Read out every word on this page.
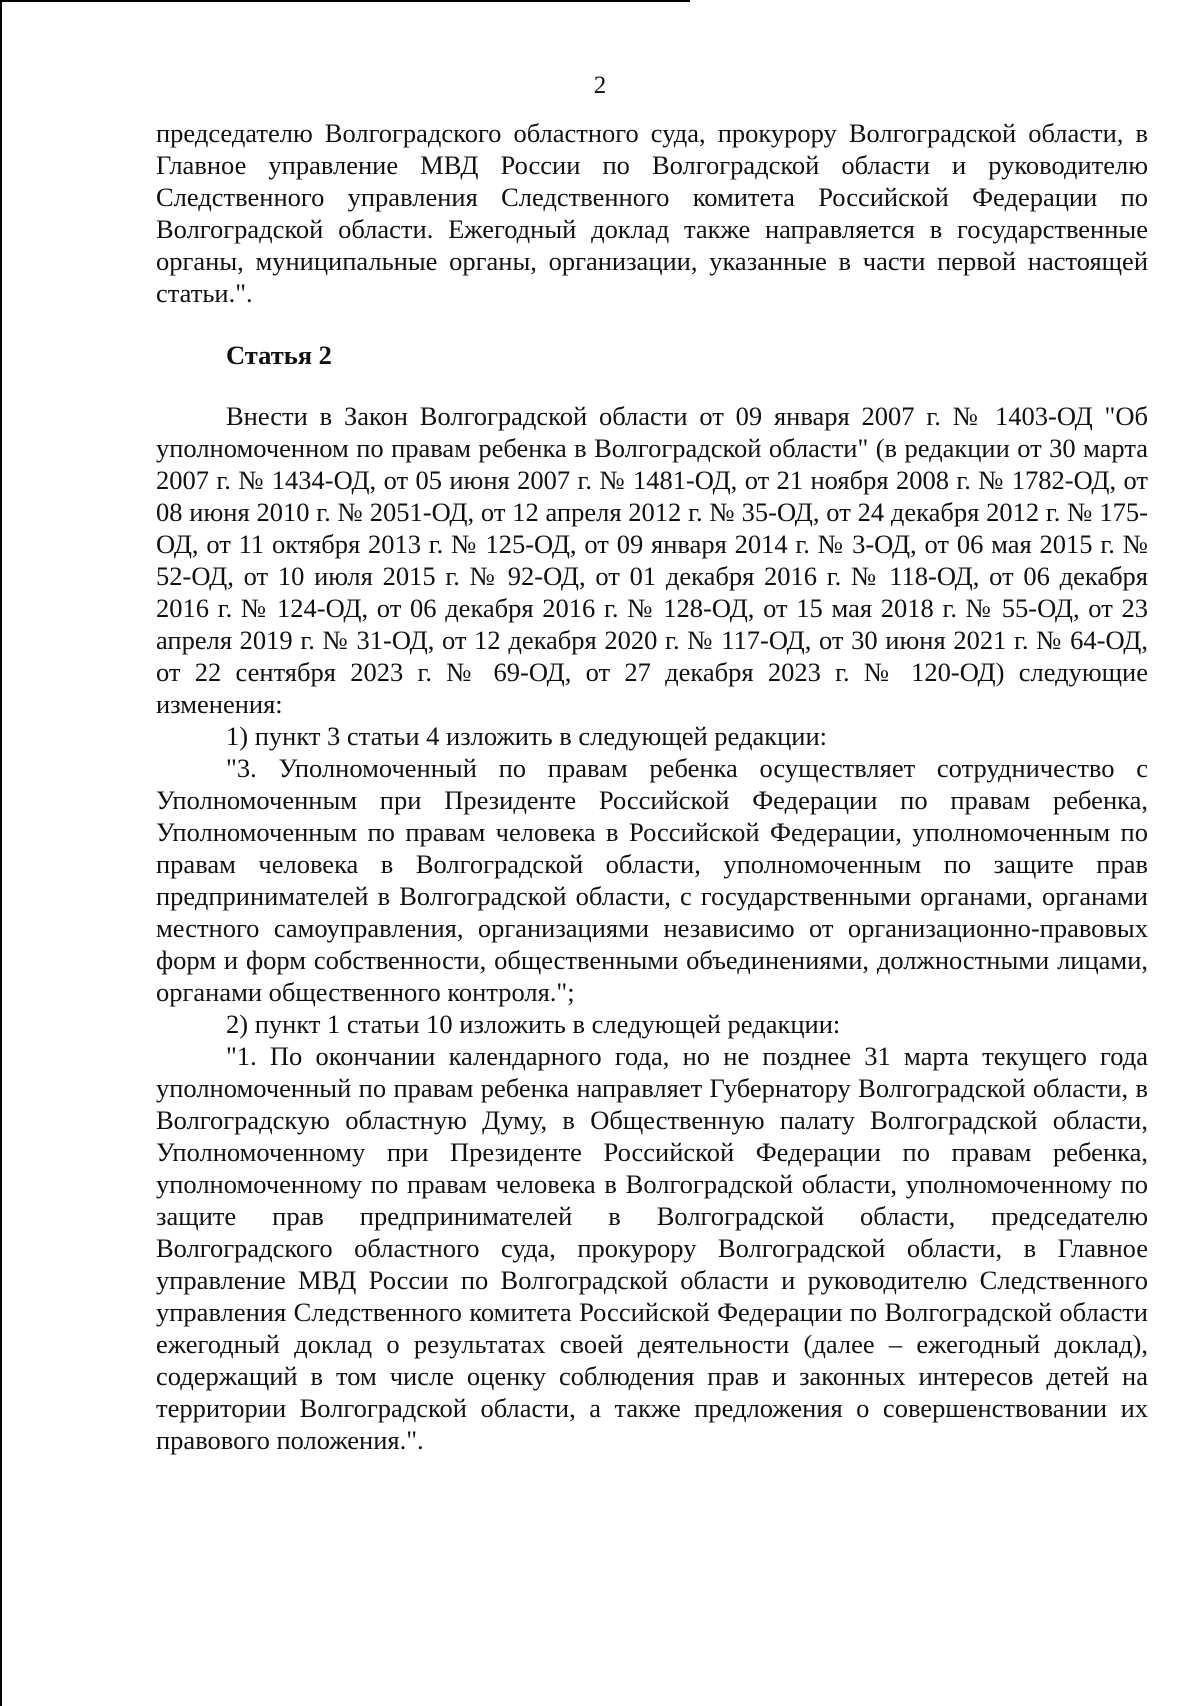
2

председателю Волгоградского областного суда, прокурору Волгоградской области, в Главное управление МВД России по Волгоградской области и руководителю Следственного управления Следственного комитета Российской Федерации по Волгоградской области. Ежегодный доклад также направляется в государственные органы, муниципальные органы, организации, указанные в части первой настоящей статьи.".

Статья 2

Внести в Закон Волгоградской области от 09 января 2007 г. № 1403-ОД "Об уполномоченном по правам ребенка в Волгоградской области" (в редакции от 30 марта 2007 г. № 1434-ОД, от 05 июня 2007 г. № 1481-ОД, от 21 ноября 2008 г. № 1782-ОД, от 08 июня 2010 г. № 2051-ОД, от 12 апреля 2012 г. № 35-ОД, от 24 декабря 2012 г. № 175-ОД, от 11 октября 2013 г. № 125-ОД, от 09 января 2014 г. № 3-ОД, от 06 мая 2015 г. № 52-ОД, от 10 июля 2015 г. № 92-ОД, от 01 декабря 2016 г. № 118-ОД, от 06 декабря 2016 г. № 124-ОД, от 06 декабря 2016 г. № 128-ОД, от 15 мая 2018 г. № 55-ОД, от 23 апреля 2019 г. № 31-ОД, от 12 декабря 2020 г. № 117-ОД, от 30 июня 2021 г. № 64-ОД, от 22 сентября 2023 г. № 69-ОД, от 27 декабря 2023 г. № 120-ОД) следующие изменения:

1) пункт 3 статьи 4 изложить в следующей редакции:

"3. Уполномоченный по правам ребенка осуществляет сотрудничество с Уполномоченным при Президенте Российской Федерации по правам ребенка, Уполномоченным по правам человека в Российской Федерации, уполномоченным по правам человека в Волгоградской области, уполномоченным по защите прав предпринимателей в Волгоградской области, с государственными органами, органами местного самоуправления, организациями независимо от организационно-правовых форм и форм собственности, общественными объединениями, должностными лицами, органами общественного контроля.";

2) пункт 1 статьи 10 изложить в следующей редакции:

"1. По окончании календарного года, но не позднее 31 марта текущего года уполномоченный по правам ребенка направляет Губернатору Волгоградской области, в Волгоградскую областную Думу, в Общественную палату Волгоградской области, Уполномоченному при Президенте Российской Федерации по правам ребенка, уполномоченному по правам человека в Волгоградской области, уполномоченному по защите прав предпринимателей в Волгоградской области, председателю Волгоградского областного суда, прокурору Волгоградской области, в Главное управление МВД России по Волгоградской области и руководителю Следственного управления Следственного комитета Российской Федерации по Волгоградской области ежегодный доклад о результатах своей деятельности (далее – ежегодный доклад), содержащий в том числе оценку соблюдения прав и законных интересов детей на территории Волгоградской области, а также предложения о совершенствовании их правового положения.".
